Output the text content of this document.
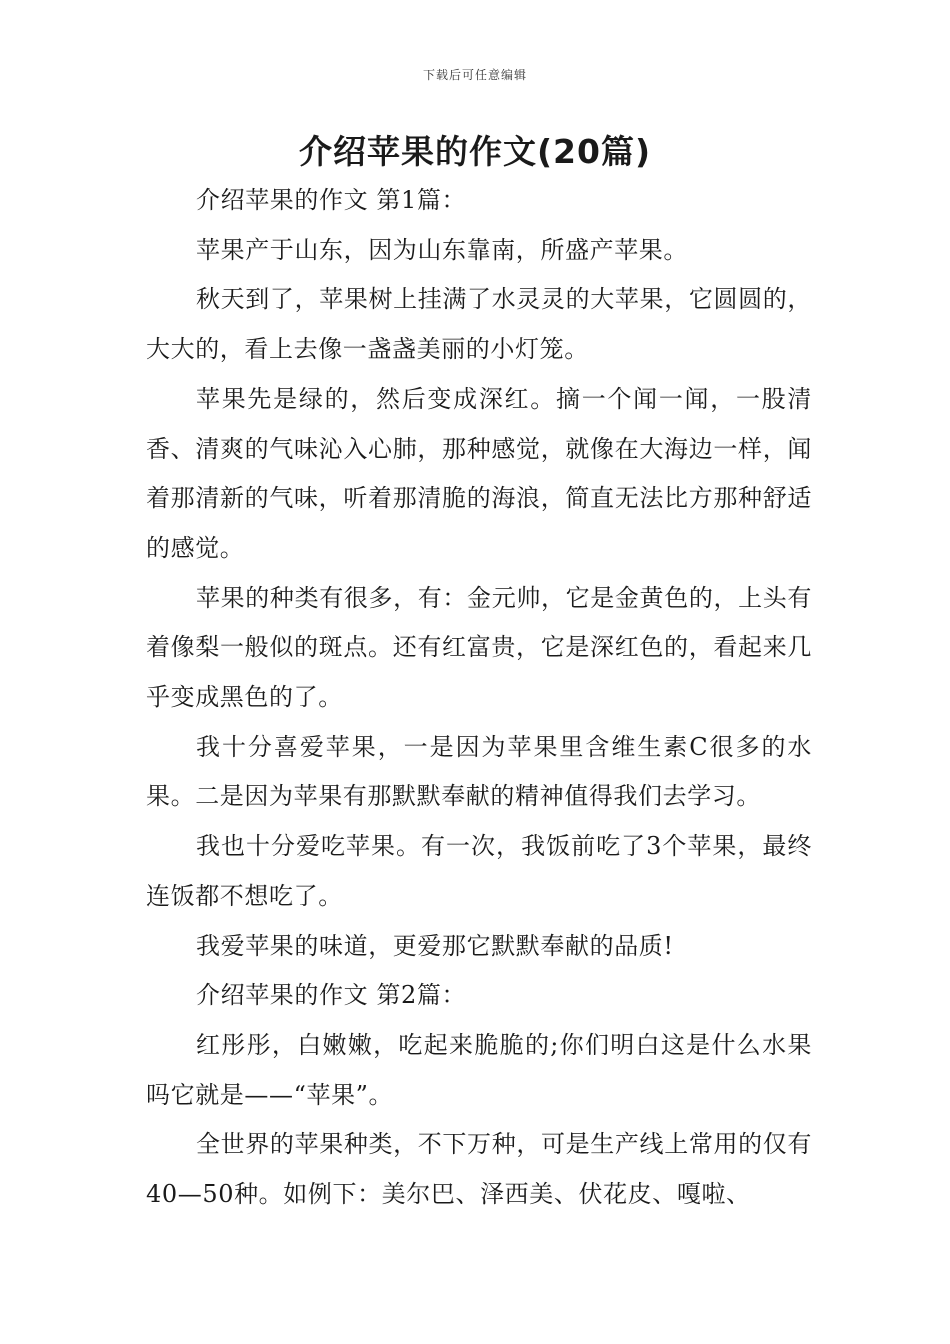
下载后可任意编辑
介绍苹果的作文(20篇)

介绍苹果的作文 第1篇：

苹果产于山东，因为山东靠南，所盛产苹果。

秋天到了，苹果树上挂满了水灵灵的大苹果，它圆圆的，大大的，看上去像一盏盏美丽的小灯笼。

苹果先是绿的，然后变成深红。摘一个闻一闻，一股清香、清爽的气味沁入心肺，那种感觉，就像在大海边一样，闻着那清新的气味，听着那清脆的海浪，简直无法比方那种舒适的感觉。

苹果的种类有很多，有：金元帅，它是金黄色的，上头有着像梨一般似的斑点。还有红富贵，它是深红色的，看起来几乎变成黑色的了。

我十分喜爱苹果，一是因为苹果里含维生素C很多的水果。二是因为苹果有那默默奉献的精神值得我们去学习。

我也十分爱吃苹果。有一次，我饭前吃了3个苹果，最终连饭都不想吃了。

我爱苹果的味道，更爱那它默默奉献的品质!

介绍苹果的作文 第2篇：

红彤彤，白嫩嫩，吃起来脆脆的;你们明白这是什么水果吗它就是——“苹果”。

全世界的苹果种类，不下万种，可是生产线上常用的仅有40—50种。如例下：美尔巴、泽西美、伏花皮、嘎啦、
